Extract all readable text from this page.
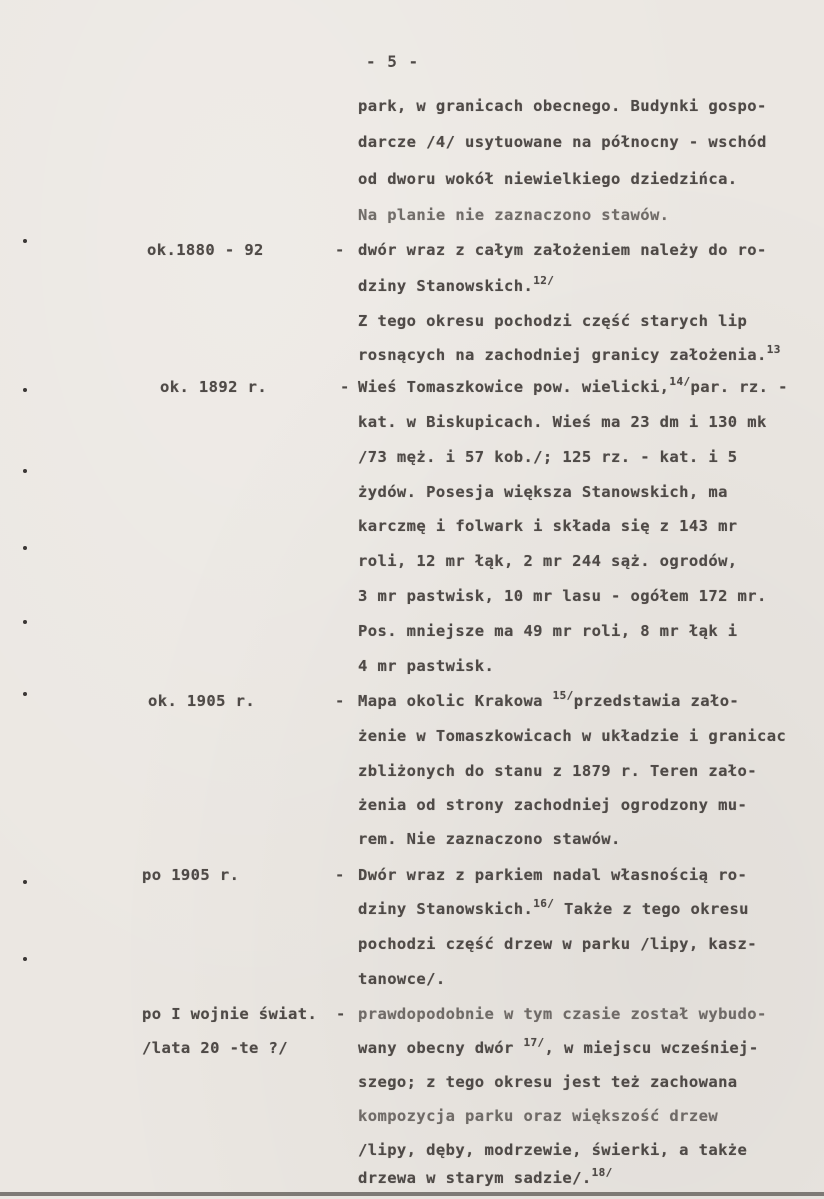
- 5 -
park, w granicach obecnego. Budynki gospo-
darcze /4/ usytuowane na północny - wschód
od dworu wokół niewielkiego dziedzińca.
Na planie nie zaznaczono stawów.
ok.1880 - 92	- dwór wraz z całym założeniem należy do ro-
dziny Stanowskich.$^{12/}$
Z tego okresu pochodzi część starych lip
rosnących na zachodniej granicy założenia.$^{13}$
ok. 1892 r.	- Wieś Tomaszkowice pow. wielicki,$^{14/}$par. rz. -
kat. w Biskupicach. Wieś ma 23 dm i 130 mk
/73 męż. i 57 kob./; 125 rz. - kat. i 5
żydów. Posesja większa Stanowskich, ma
karczmę i folwark i składa się z 143 mr
roli, 12 mr łąk, 2 mr 244 sąż. ogrodów,
3 mr pastwisk, 10 mr lasu - ogółem 172 mr.
Pos. mniejsze ma 49 mr roli, 8 mr łąk i
4 mr pastwisk.
ok. 1905 r.	- Mapa okolic Krakowa $^{15/}$przedstawia zało-
żenie w Tomaszkowicach w układzie i granicac
zbliżonych do stanu z 1879 r. Teren zało-
żenia od strony zachodniej ogrodzony mu-
rem. Nie zaznaczono stawów.
po 1905 r.	- Dwór wraz z parkiem nadal własnością ro-
dziny Stanowskich.$^{16/}$ Także z tego okresu
pochodzi część drzew w parku /lipy, kasz-
tanowce/.
po I wojnie świat. -
/lata 20 -te ?/
prawdopodobnie w tym czasie został wybudo-
wany obecny dwór $^{17/}$, w miejscu wcześniej-
szego; z tego okresu jest też zachowana
kompozycja parku oraz większość drzew
/lipy, dęby, modrzewie, świerki, a także
drzewa w starym sadzie/.$^{18/}$
